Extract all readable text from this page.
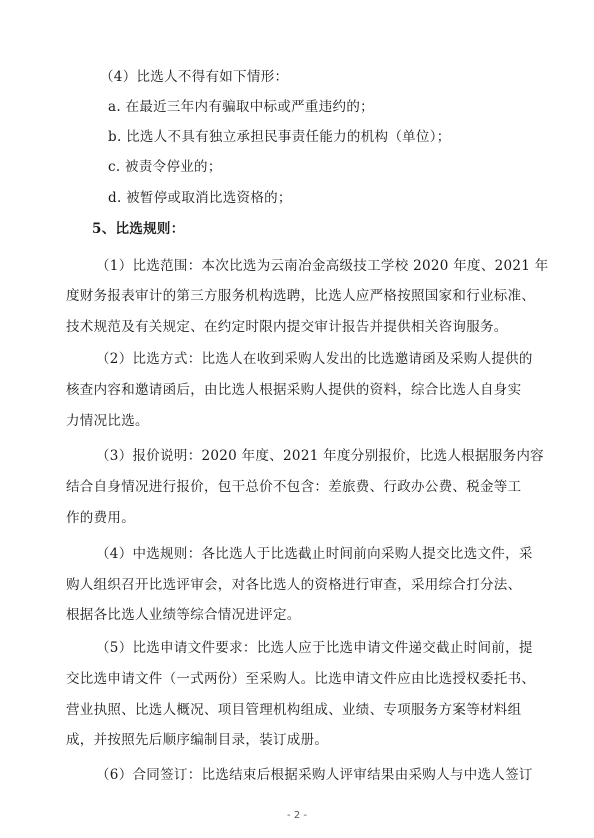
（4）比选人不得有如下情形：
a. 在最近三年内有骗取中标或严重违约的；
b. 比选人不具有独立承担民事责任能力的机构（单位）；
c. 被责令停业的；
d. 被暂停或取消比选资格的；
5、比选规则：
（1）比选范围：本次比选为云南冶金高级技工学校 2020 年度、2021 年
度财务报表审计的第三方服务机构选聘，比选人应严格按照国家和行业标准、
技术规范及有关规定、在约定时限内提交审计报告并提供相关咨询服务。
（2）比选方式：比选人在收到采购人发出的比选邀请函及采购人提供的
核查内容和邀请函后，由比选人根据采购人提供的资料，综合比选人自身实
力情况比选。
（3）报价说明：2020 年度、2021 年度分别报价，比选人根据服务内容
结合自身情况进行报价，包干总价不包含：差旅费、行政办公费、税金等工
作的费用。
（4）中选规则：各比选人于比选截止时间前向采购人提交比选文件，采
购人组织召开比选评审会，对各比选人的资格进行审查，采用综合打分法、
根据各比选人业绩等综合情况进评定。
（5）比选申请文件要求：比选人应于比选申请文件递交截止时间前，提
交比选申请文件（一式两份）至采购人。比选申请文件应由比选授权委托书、
营业执照、比选人概况、项目管理机构组成、业绩、专项服务方案等材料组
成，并按照先后顺序编制目录，装订成册。
（6）合同签订：比选结束后根据采购人评审结果由采购人与中选人签订
- 2 -
